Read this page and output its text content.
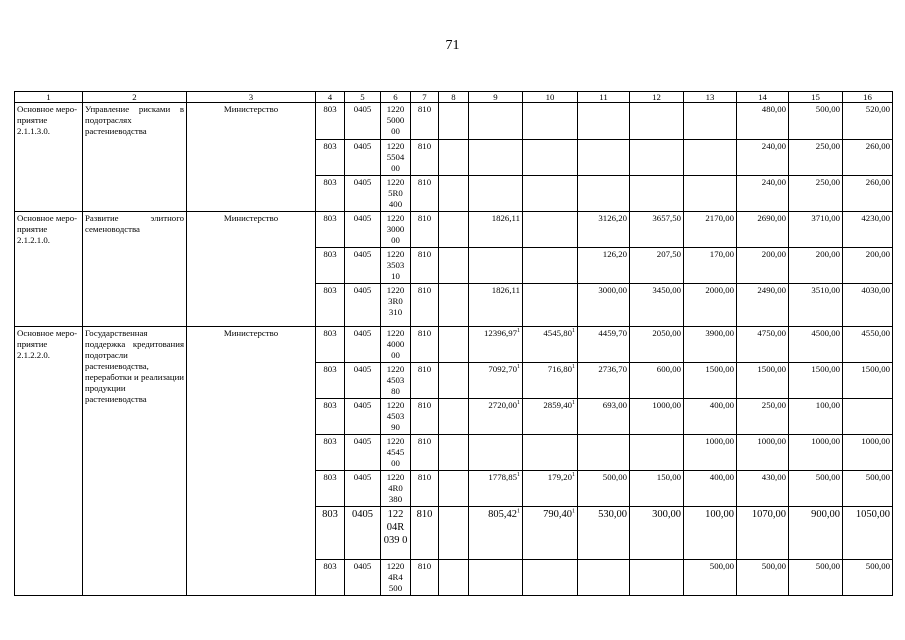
71
1	2	3	4	5	6	7	8	9	10	11	12	13	14	15	16
Основное меро-приятие 2.1.1.3.0.	Управление рисками в подотраслях растениеводства	Министерство	803	0405	1220 5000 00	810							480,00	500,00	520,00
			803	0405	1220 5504 00	810							240,00	250,00	260,00
			803	0405	1220 5R0 400	810							240,00	250,00	260,00
Основное меро-приятие 2.1.2.1.0.	Развитие элитного семеноводства	Министерство	803	0405	1220 3000 00	810		1826,11		3126,20	3657,50	2170,00	2690,00	3710,00	4230,00
			803	0405	1220 3503 10	810				126,20	207,50	170,00	200,00	200,00	200,00
			803	0405	1220 3R0 310	810		1826,11		3000,00	3450,00	2000,00	2490,00	3510,00	4030,00
Основное меро-приятие 2.1.2.2.0.	Государственная поддержка кредитования подотрасли растениеводства, переработки и реализации продукции растениеводства	Министерство	803	0405	1220 4000 00	810		12396,97$^1$	4545,80$^1$	4459,70	2050,00	3900,00	4750,00	4500,00	4550,00
			803	0405	1220 4503 80	810		7092,70$^1$	716,80$^1$	2736,70	600,00	1500,00	1500,00	1500,00	1500,00
			803	0405	1220 4503 90	810		2720,00$^1$	2859,40$^1$	693,00	1000,00	400,00	250,00	100,00	
			803	0405	1220 4545 00	810						1000,00	1000,00	1000,00	1000,00
			803	0405	1220 4R0 380	810		1778,85$^1$	179,20$^1$	500,00	150,00	400,00	430,00	500,00	500,00
			803	0405	122 04R 039 0	810		805,42$^1$	790,40$^1$	530,00	300,00	100,00	1070,00	900,00	1050,00
			803	0405	1220 4R4 500	810						500,00	500,00	500,00	500,00
